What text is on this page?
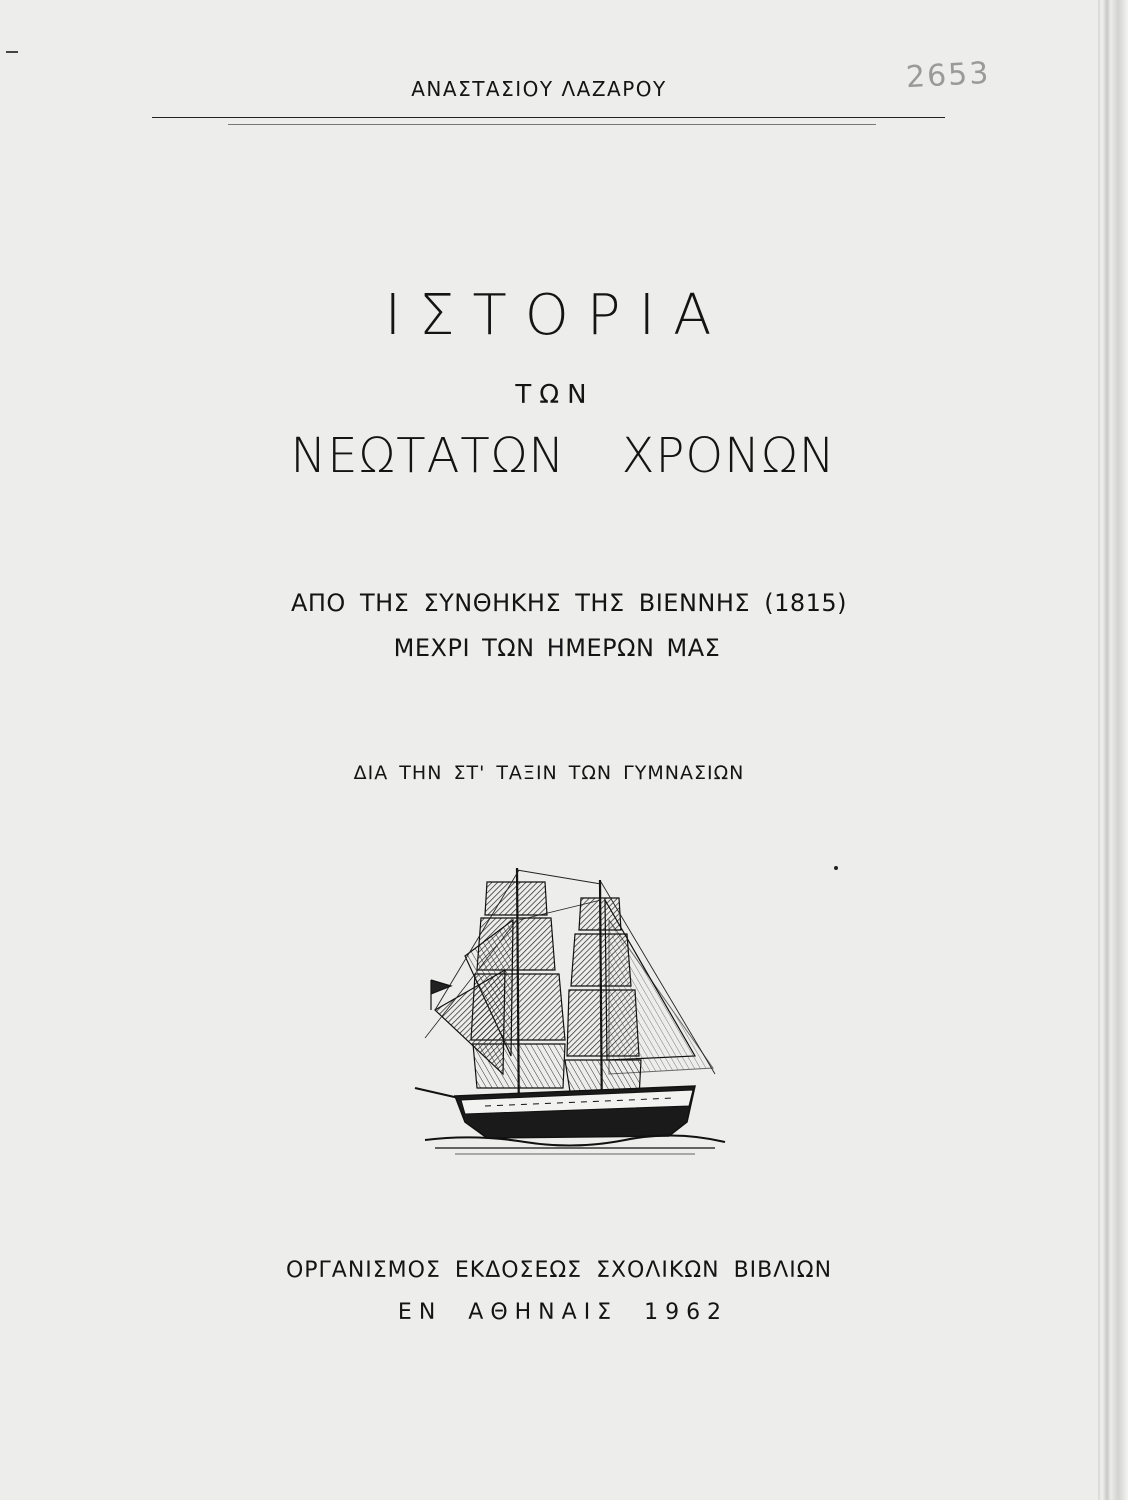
ΑΝΑΣΤΑΣΙΟΥ ΛΑΖΑΡΟΥ	2653
ΙΣΤΟΡΙΑ
ΤΩΝ
ΝΕΩΤΑΤΩΝ ΧΡΟΝΩΝ
ΑΠΟ ΤΗΣ ΣΥΝΘΗΚΗΣ ΤΗΣ ΒΙΕΝΝΗΣ (1815)
ΜΕΧΡΙ ΤΩΝ ΗΜΕΡΩΝ ΜΑΣ
ΔΙΑ ΤΗΝ ΣΤ' ΤΑΞΙΝ ΤΩΝ ΓΥΜΝΑΣΙΩΝ
ΟΡΓΑΝΙΣΜΟΣ ΕΚΔΟΣΕΩΣ ΣΧΟΛΙΚΩΝ ΒΙΒΛΙΩΝ
ΕΝ ΑΘΗΝΑΙΣ 1962
